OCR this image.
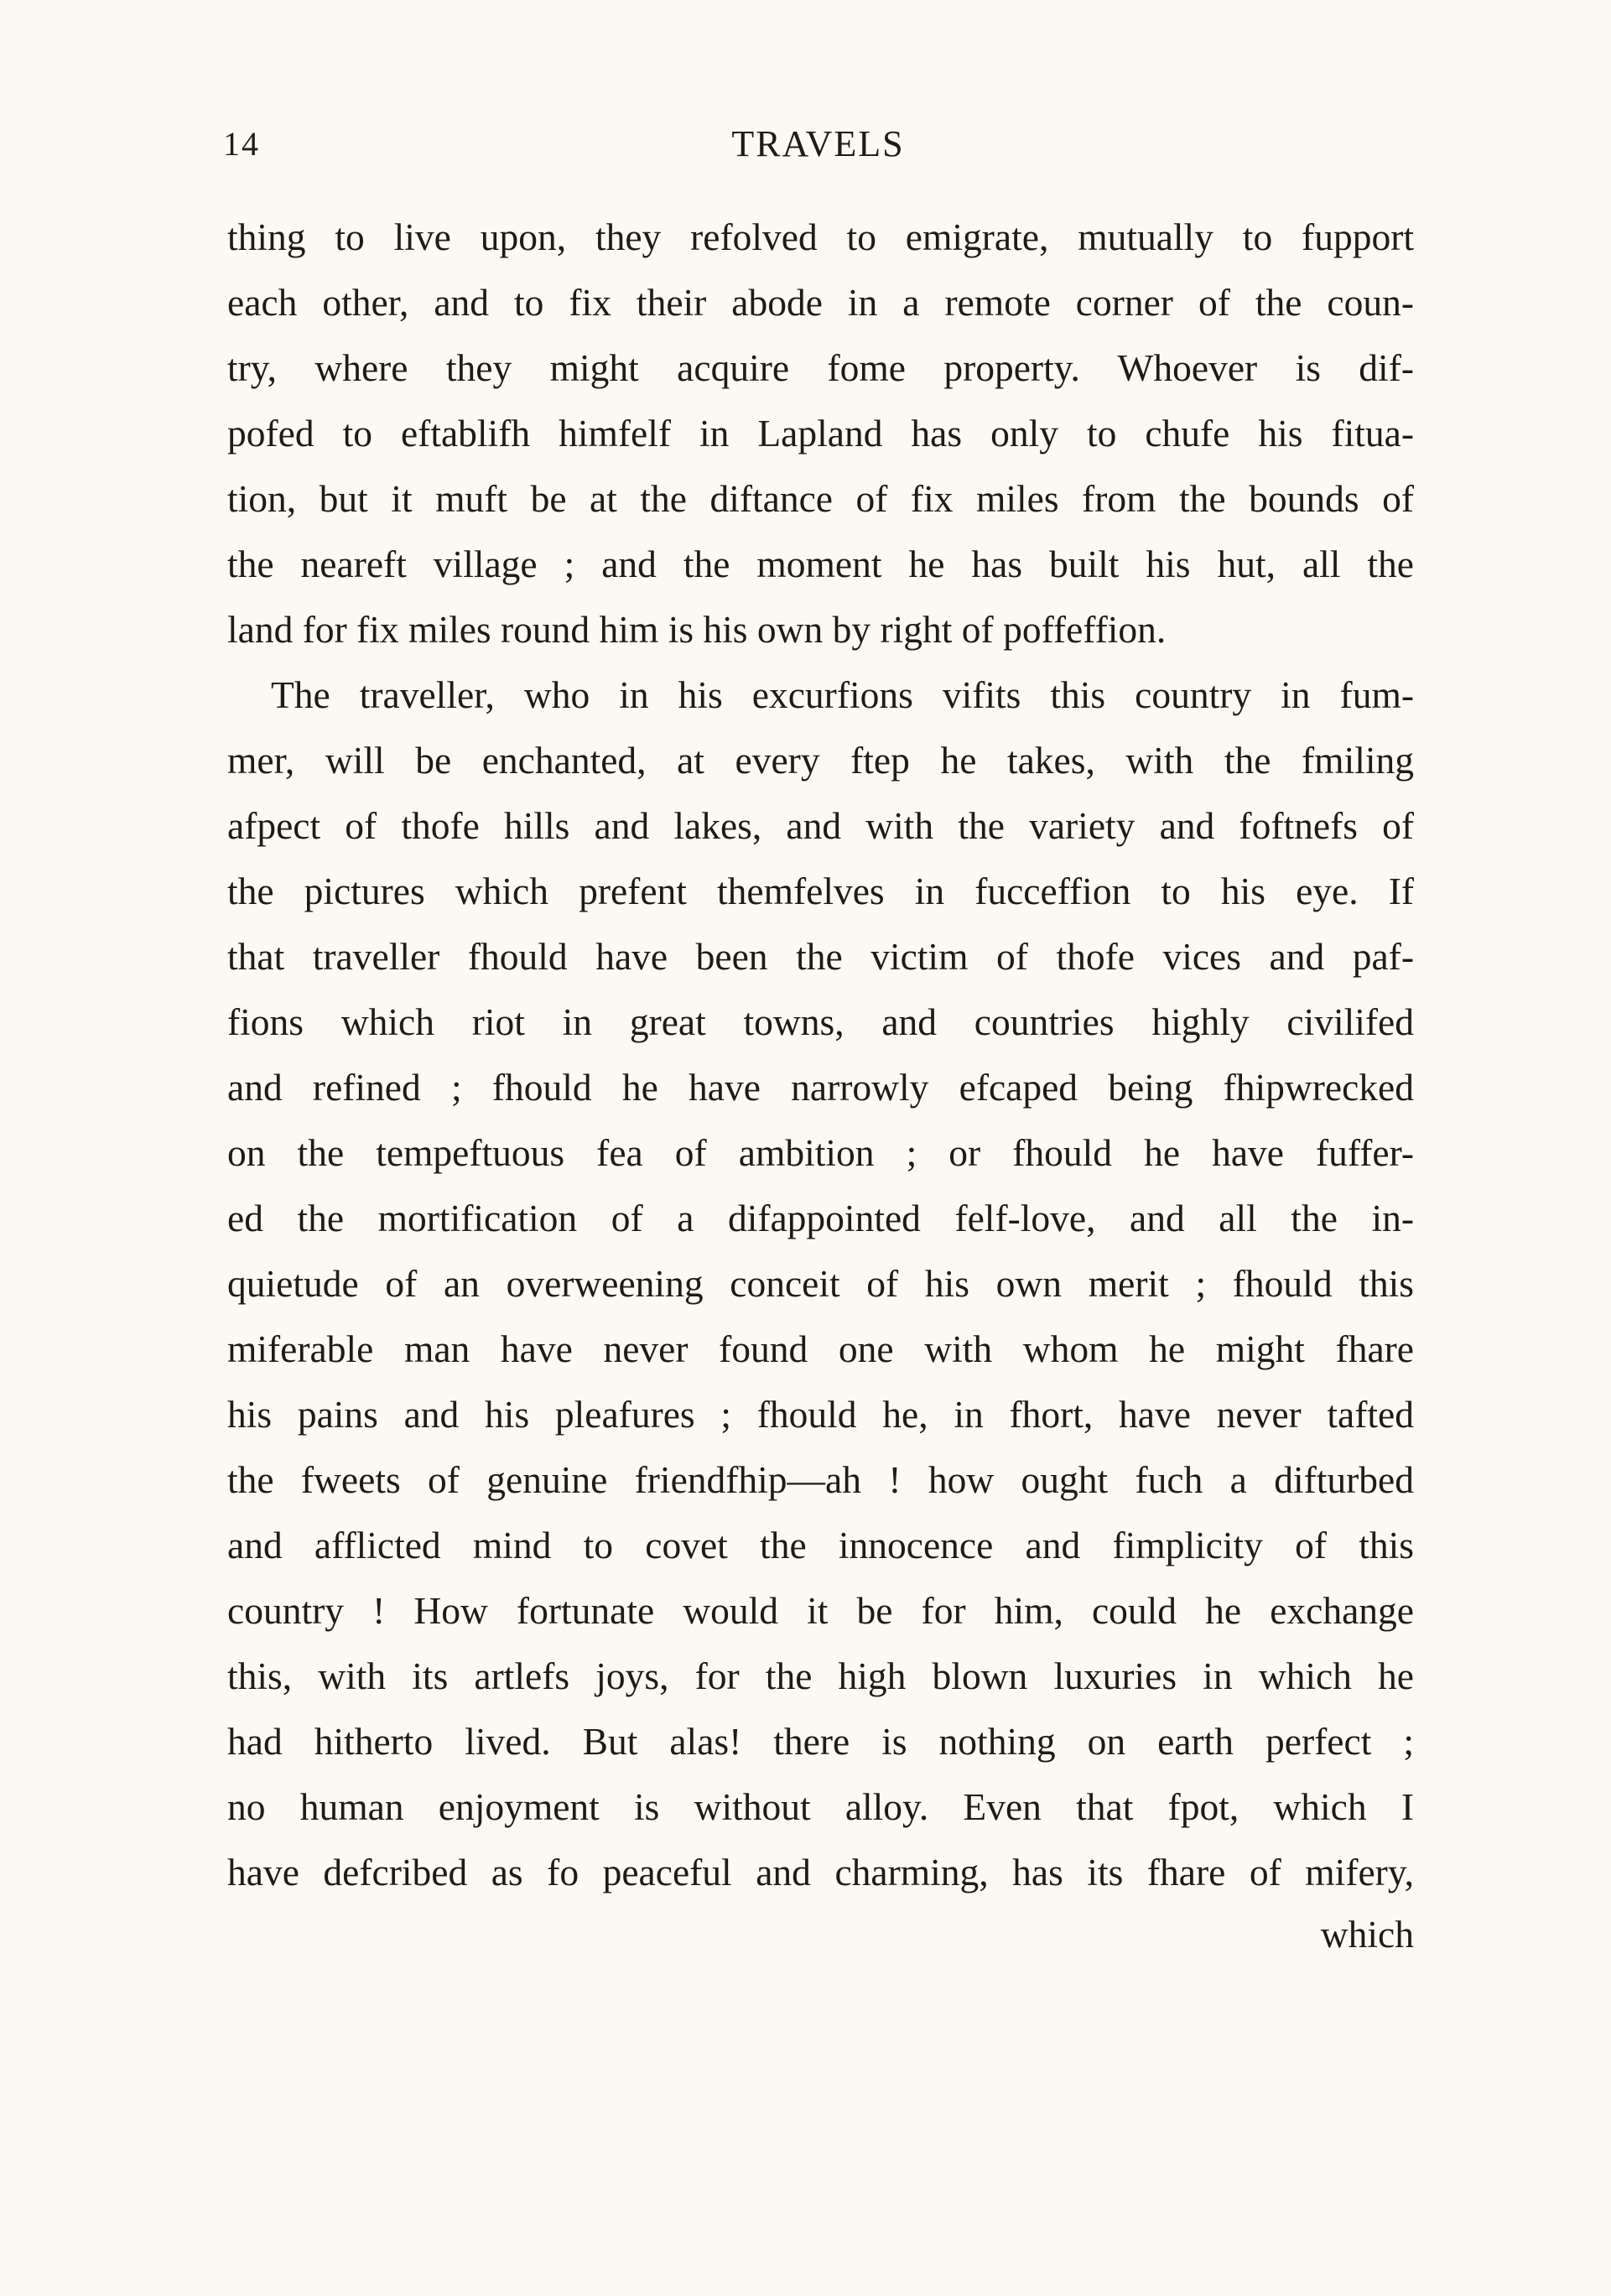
14	TRAVELS
thing to live upon, they refolved to emigrate, mutually to fupport
each other, and to fix their abode in a remote corner of the coun-
try, where they might acquire fome property. Whoever is dif-
pofed to eftablifh himfelf in Lapland has only to chufe his fitua-
tion, but it muft be at the diftance of fix miles from the bounds of
the neareft village ; and the moment he has built his hut, all the
land for fix miles round him is his own by right of poffeffion.
The traveller, who in his excurfions vifits this country in fum-
mer, will be enchanted, at every ftep he takes, with the fmiling
afpect of thofe hills and lakes, and with the variety and foftnefs of
the pictures which prefent themfelves in fucceffion to his eye. If
that traveller fhould have been the victim of thofe vices and paf-
fions which riot in great towns, and countries highly civilifed
and refined ; fhould he have narrowly efcaped being fhipwrecked
on the tempeftuous fea of ambition ; or fhould he have fuffer-
ed the mortification of a difappointed felf-love, and all the in-
quietude of an overweening conceit of his own merit ; fhould this
miferable man have never found one with whom he might fhare
his pains and his pleafures ; fhould he, in fhort, have never tafted
the fweets of genuine friendfhip—ah ! how ought fuch a difturbed
and afflicted mind to covet the innocence and fimplicity of this
country ! How fortunate would it be for him, could he exchange
this, with its artlefs joys, for the high blown luxuries in which he
had hitherto lived. But alas! there is nothing on earth perfect ;
no human enjoyment is without alloy. Even that fpot, which I
have defcribed as fo peaceful and charming, has its fhare of mifery,
which
